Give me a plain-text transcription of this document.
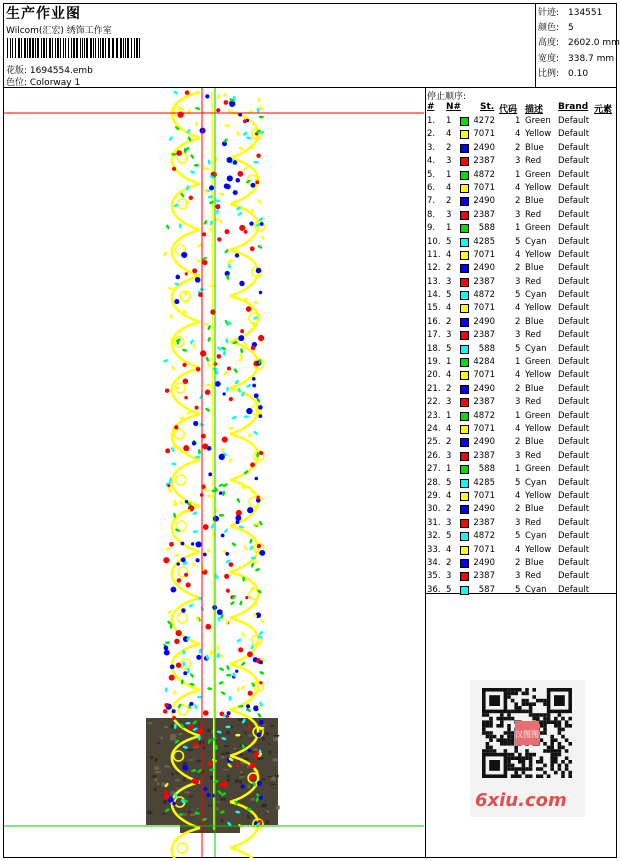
生产作业图
Wilcom(汇宏) 绣饰工作室
花版: 1694554.emb
色位: Colorway 1
针迹: 134551
颜色: 5
高度: 2602.0 mm
宽度: 338.7 mm
比例: 0.10
停止顺序:
# N# St. 代码 描述 Brand 元素
1. 1	4272 1 Green Default
2. 4	7071 4 Yellow Default
3. 2	2490 2 Blue Default
4. 3	2387 3 Red Default
5. 1	4872 1 Green Default
6. 4	7071 4 Yellow Default
7. 2	2490 2 Blue Default
8. 3	2387 3 Red Default
9. 1	588 1 Green Default
10. 5	4285 5 Cyan Default
11. 4	7071 4 Yellow Default
12. 2	2490 2 Blue Default
13. 3	2387 3 Red Default
14. 5	4872 5 Cyan Default
15. 4	7071 4 Yellow Default
16. 2	2490 2 Blue Default
17. 3	2387 3 Red Default
18. 5	588 5 Cyan Default
19. 1	4284 1 Green Default
20. 4	7071 4 Yellow Default
21. 2	2490 2 Blue Default
22. 3	2387 3 Red Default
23. 1	4872 1 Green Default
24. 4	7071 4 Yellow Default
25. 2	2490 2 Blue Default
26. 3	2387 3 Red Default
27. 1	588 1 Green Default
28. 5	4285 5 Cyan Default
29. 4	7071 4 Yellow Default
30. 2	2490 2 Blue Default
31. 3	2387 3 Red Default
32. 5	4872 5 Cyan Default
33. 4	7071 4 Yellow Default
34. 2	2490 2 Blue Default
35. 3	2387 3 Red Default
36. 5	587 5 Cyan Default
汉图图
6xiu.com
